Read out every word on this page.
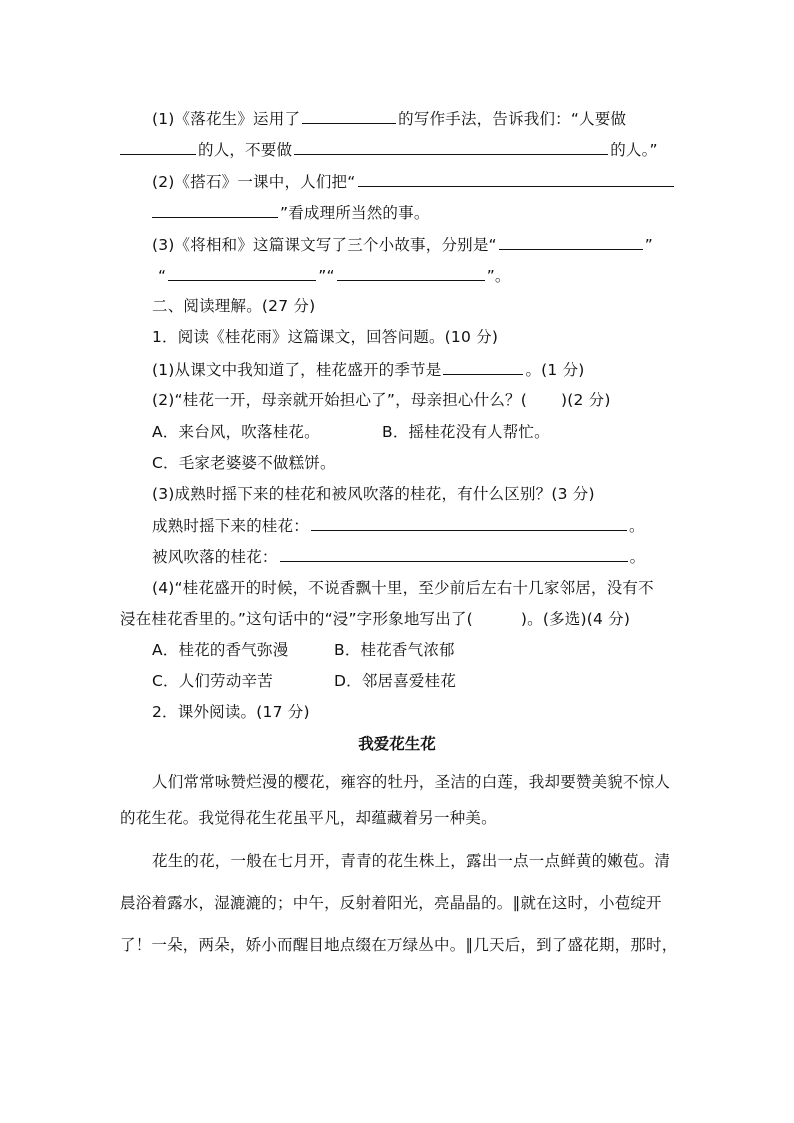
(1)《落花生》运用了	的写作手法，告诉我们：“人要做
的人，不要做	的人。”
(2)《搭石》一课中，人们把“
”看成理所当然的事。
(3)《将相和》这篇课文写了三个小故事，分别是“	”
“	”“	”。
二、阅读理解。(27 分)
1．阅读《桂花雨》这篇课文，回答问题。(10 分)
(1)从课文中我知道了，桂花盛开的季节是	。(1 分)
(2)“桂花一开，母亲就开始担心了”，母亲担心什么？( )(2 分)
A．来台风，吹落桂花。	B．摇桂花没有人帮忙。
C．毛家老婆婆不做糕饼。
(3)成熟时摇下来的桂花和被风吹落的桂花，有什么区别？(3 分)
成熟时摇下来的桂花：	。
被风吹落的桂花：	。
(4)“桂花盛开的时候，不说香飘十里，至少前后左右十几家邻居，没有不
浸在桂花香里的。”这句话中的“浸”字形象地写出了(	)。(多选)(4 分)
A．桂花的香气弥漫	B．桂花香气浓郁
C．人们劳动辛苦	D．邻居喜爱桂花
2．课外阅读。(17 分)
我爱花生花
人们常常咏赞烂漫的樱花，雍容的牡丹，圣洁的白莲，我却要赞美貌不惊人
的花生花。我觉得花生花虽平凡，却蕴藏着另一种美。
花生的花，一般在七月开，青青的花生株上，露出一点一点鲜黄的嫩苞。清
晨浴着露水，湿漉漉的；中午，反射着阳光，亮晶晶的。∥就在这时，小苞绽开
了！一朵，两朵，娇小而醒目地点缀在万绿丛中。∥几天后，到了盛花期，那时，
